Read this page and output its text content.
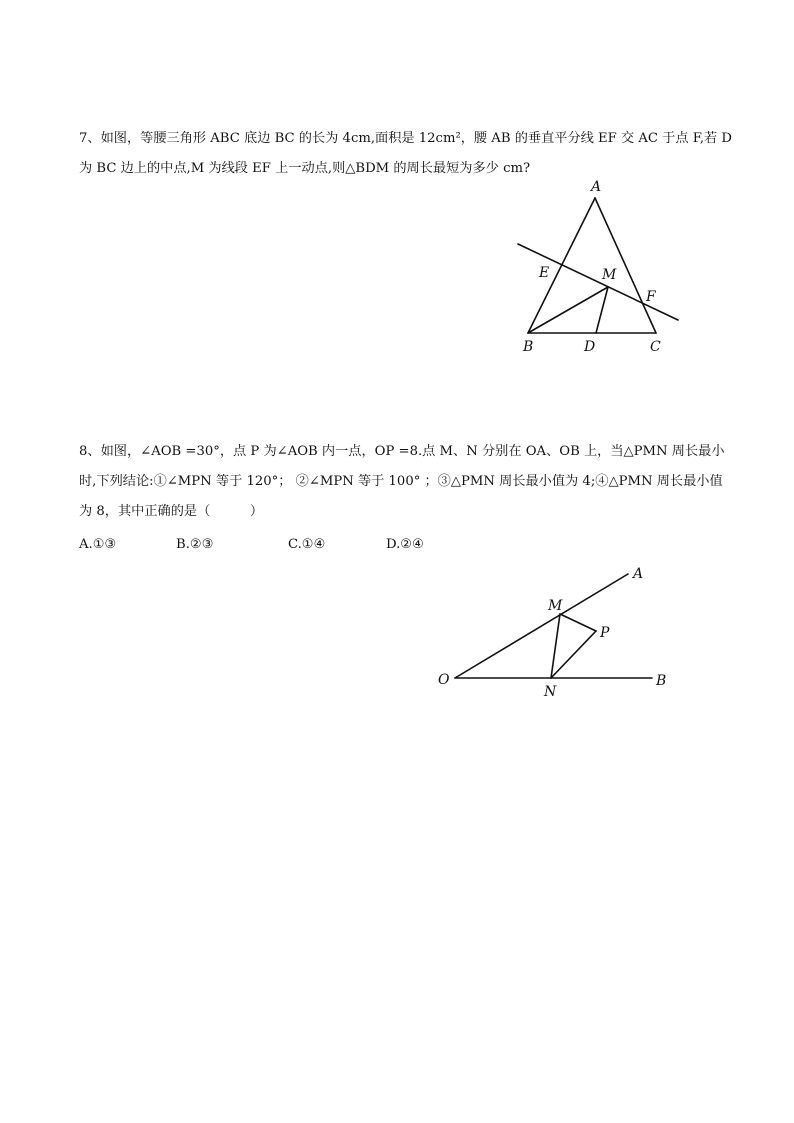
7、如图，等腰三角形 ABC 底边 BC 的长为 4cm,面积是 12cm²，腰 AB 的垂直平分线 EF 交 AC 于点 F,若 D
为 BC 边上的中点,M 为线段 EF 上一动点,则△BDM 的周长最短为多少 cm?
A
E	M
F
B	D	C
8、如图，∠AOB =30°，点 P 为∠AOB 内一点，OP =8.点 M、N 分别在 OA、OB 上，当△PMN 周长最小
时,下列结论:①∠MPN 等于 120°； ②∠MPN 等于 100° ；③△PMN 周长最小值为 4;④△PMN 周长最小值
为 8，其中正确的是（　　　）
A.①③	B.②③	C.①④	D.②④
O
A
M
P
N
B
